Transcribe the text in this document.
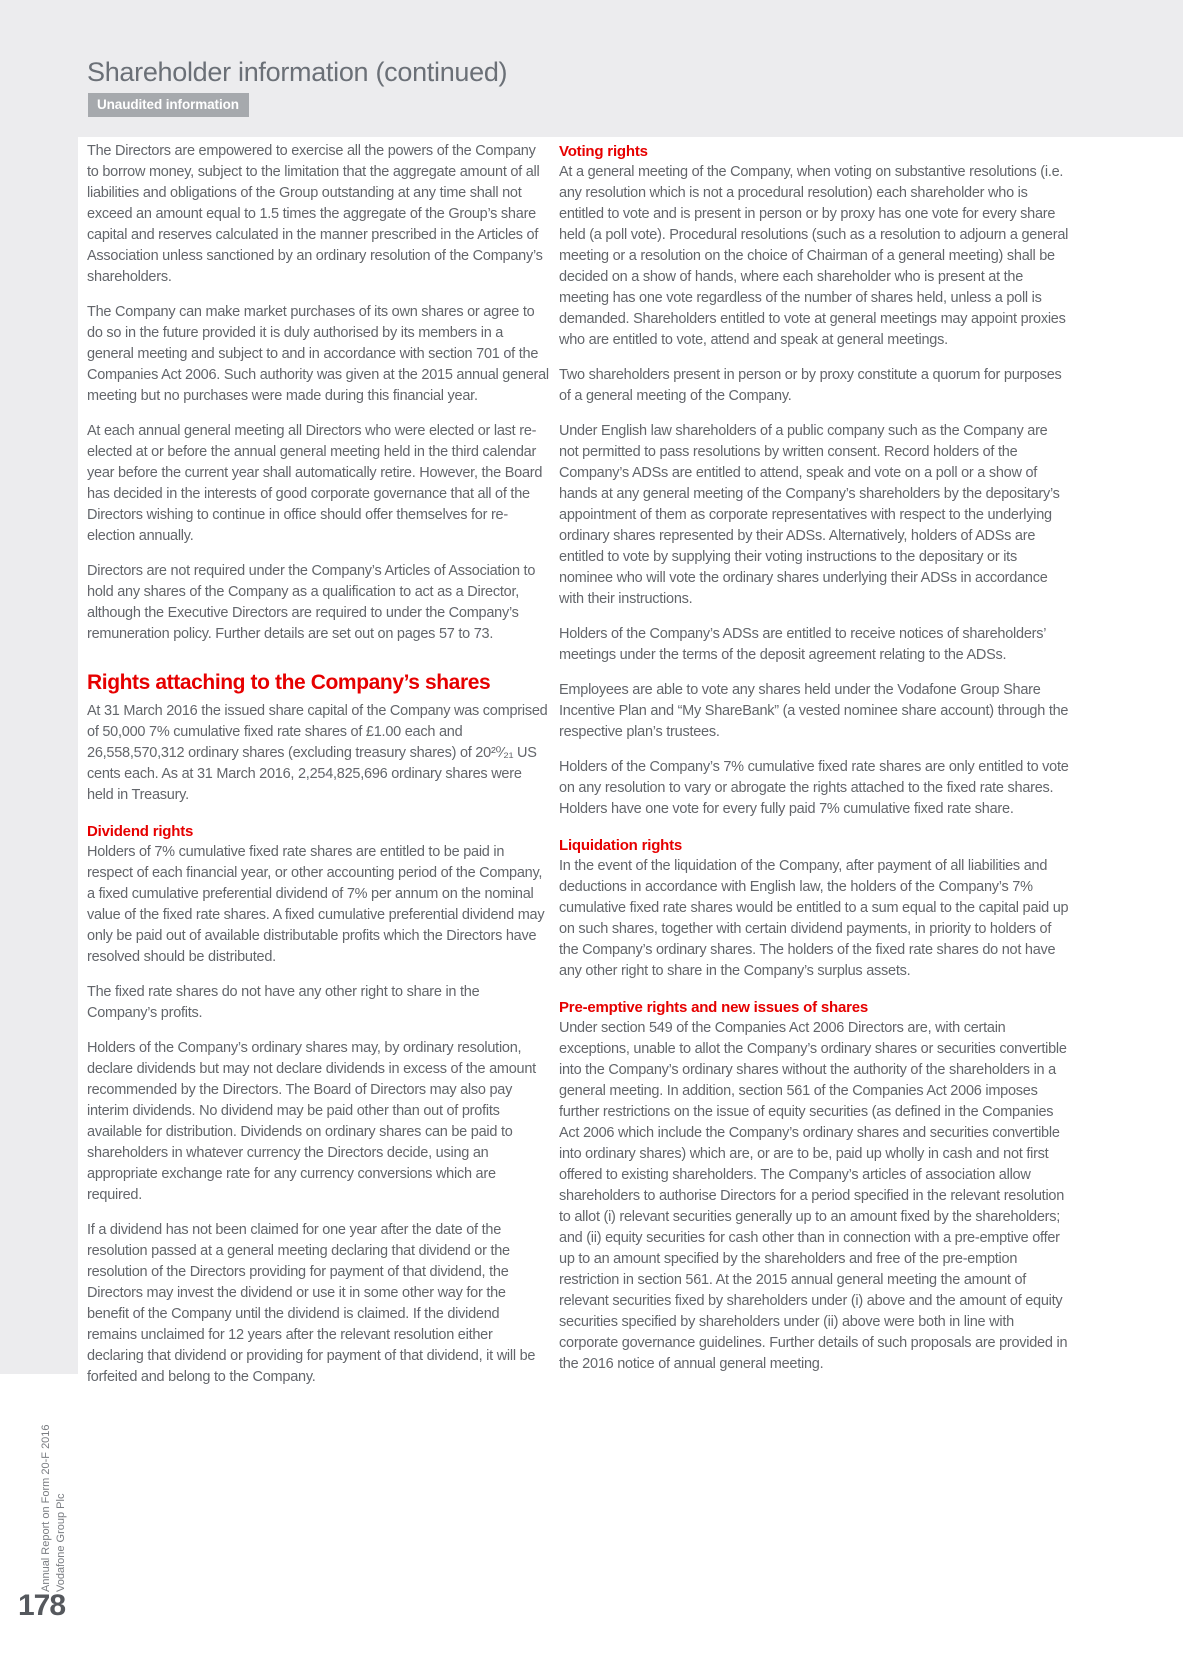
Shareholder information (continued)
Unaudited information

The Directors are empowered to exercise all the powers of the Company to borrow money, subject to the limitation that the aggregate amount of all liabilities and obligations of the Group outstanding at any time shall not exceed an amount equal to 1.5 times the aggregate of the Group’s share capital and reserves calculated in the manner prescribed in the Articles of Association unless sanctioned by an ordinary resolution of the Company’s shareholders.

The Company can make market purchases of its own shares or agree to do so in the future provided it is duly authorised by its members in a general meeting and subject to and in accordance with section 701 of the Companies Act 2006. Such authority was given at the 2015 annual general meeting but no purchases were made during this financial year.

At each annual general meeting all Directors who were elected or last re-elected at or before the annual general meeting held in the third calendar year before the current year shall automatically retire. However, the Board has decided in the interests of good corporate governance that all of the Directors wishing to continue in office should offer themselves for re-election annually.

Directors are not required under the Company’s Articles of Association to hold any shares of the Company as a qualification to act as a Director, although the Executive Directors are required to under the Company’s remuneration policy. Further details are set out on pages 57 to 73.

Rights attaching to the Company’s shares

At 31 March 2016 the issued share capital of the Company was comprised of 50,000 7% cumulative fixed rate shares of £1.00 each and 26,558,570,312 ordinary shares (excluding treasury shares) of 20²⁰⁄₂₁ US cents each. As at 31 March 2016, 2,254,825,696 ordinary shares were held in Treasury.

Dividend rights

Holders of 7% cumulative fixed rate shares are entitled to be paid in respect of each financial year, or other accounting period of the Company, a fixed cumulative preferential dividend of 7% per annum on the nominal value of the fixed rate shares. A fixed cumulative preferential dividend may only be paid out of available distributable profits which the Directors have resolved should be distributed.

The fixed rate shares do not have any other right to share in the Company’s profits.

Holders of the Company’s ordinary shares may, by ordinary resolution, declare dividends but may not declare dividends in excess of the amount recommended by the Directors. The Board of Directors may also pay interim dividends. No dividend may be paid other than out of profits available for distribution. Dividends on ordinary shares can be paid to shareholders in whatever currency the Directors decide, using an appropriate exchange rate for any currency conversions which are required.

If a dividend has not been claimed for one year after the date of the resolution passed at a general meeting declaring that dividend or the resolution of the Directors providing for payment of that dividend, the Directors may invest the dividend or use it in some other way for the benefit of the Company until the dividend is claimed. If the dividend remains unclaimed for 12 years after the relevant resolution either declaring that dividend or providing for payment of that dividend, it will be forfeited and belong to the Company.

Voting rights

At a general meeting of the Company, when voting on substantive resolutions (i.e. any resolution which is not a procedural resolution) each shareholder who is entitled to vote and is present in person or by proxy has one vote for every share held (a poll vote). Procedural resolutions (such as a resolution to adjourn a general meeting or a resolution on the choice of Chairman of a general meeting) shall be decided on a show of hands, where each shareholder who is present at the meeting has one vote regardless of the number of shares held, unless a poll is demanded. Shareholders entitled to vote at general meetings may appoint proxies who are entitled to vote, attend and speak at general meetings.

Two shareholders present in person or by proxy constitute a quorum for purposes of a general meeting of the Company.

Under English law shareholders of a public company such as the Company are not permitted to pass resolutions by written consent. Record holders of the Company’s ADSs are entitled to attend, speak and vote on a poll or a show of hands at any general meeting of the Company’s shareholders by the depositary’s appointment of them as corporate representatives with respect to the underlying ordinary shares represented by their ADSs. Alternatively, holders of ADSs are entitled to vote by supplying their voting instructions to the depositary or its nominee who will vote the ordinary shares underlying their ADSs in accordance with their instructions.

Holders of the Company’s ADSs are entitled to receive notices of shareholders’ meetings under the terms of the deposit agreement relating to the ADSs.

Employees are able to vote any shares held under the Vodafone Group Share Incentive Plan and “My ShareBank” (a vested nominee share account) through the respective plan’s trustees.

Holders of the Company’s 7% cumulative fixed rate shares are only entitled to vote on any resolution to vary or abrogate the rights attached to the fixed rate shares. Holders have one vote for every fully paid 7% cumulative fixed rate share.

Liquidation rights

In the event of the liquidation of the Company, after payment of all liabilities and deductions in accordance with English law, the holders of the Company’s 7% cumulative fixed rate shares would be entitled to a sum equal to the capital paid up on such shares, together with certain dividend payments, in priority to holders of the Company’s ordinary shares. The holders of the fixed rate shares do not have any other right to share in the Company’s surplus assets.

Pre-emptive rights and new issues of shares

Under section 549 of the Companies Act 2006 Directors are, with certain exceptions, unable to allot the Company’s ordinary shares or securities convertible into the Company’s ordinary shares without the authority of the shareholders in a general meeting. In addition, section 561 of the Companies Act 2006 imposes further restrictions on the issue of equity securities (as defined in the Companies Act 2006 which include the Company’s ordinary shares and securities convertible into ordinary shares) which are, or are to be, paid up wholly in cash and not first offered to existing shareholders. The Company’s articles of association allow shareholders to authorise Directors for a period specified in the relevant resolution to allot (i) relevant securities generally up to an amount fixed by the shareholders; and (ii) equity securities for cash other than in connection with a pre-emptive offer up to an amount specified by the shareholders and free of the pre-emption restriction in section 561. At the 2015 annual general meeting the amount of relevant securities fixed by shareholders under (i) above and the amount of equity securities specified by shareholders under (ii) above were both in line with corporate governance guidelines. Further details of such proposals are provided in the 2016 notice of annual general meeting.

Annual Report on Form 20-F 2016 Vodafone Group Plc
178
